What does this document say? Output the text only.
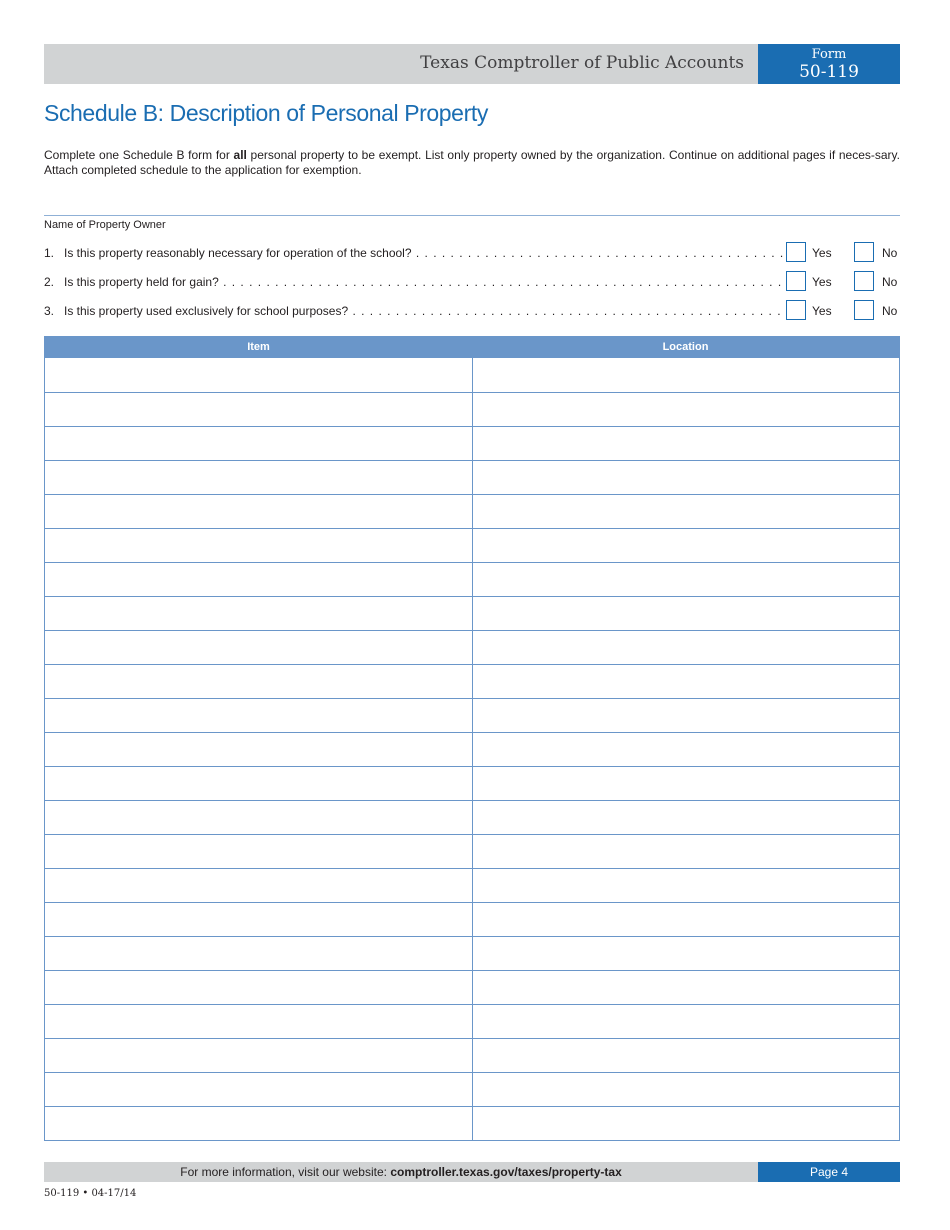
Texas Comptroller of Public Accounts	Form
50-119
Schedule B: Description of Personal Property
Complete one Schedule B form for all personal property to be exempt. List only property owned by the organization. Continue on additional pages if neces-sary. Attach completed schedule to the application for exemption.
Name of Property Owner
1. Is this property reasonably necessary for operation of the school? . . .	Yes	No
2. Is this property held for gain? . . .	Yes	No
3. Is this property used exclusively for school purposes? . . .	Yes	No
Item	Location
For more information, visit our website: comptroller.texas.gov/taxes/property-tax	Page 4
50-119 • 04-17/14
